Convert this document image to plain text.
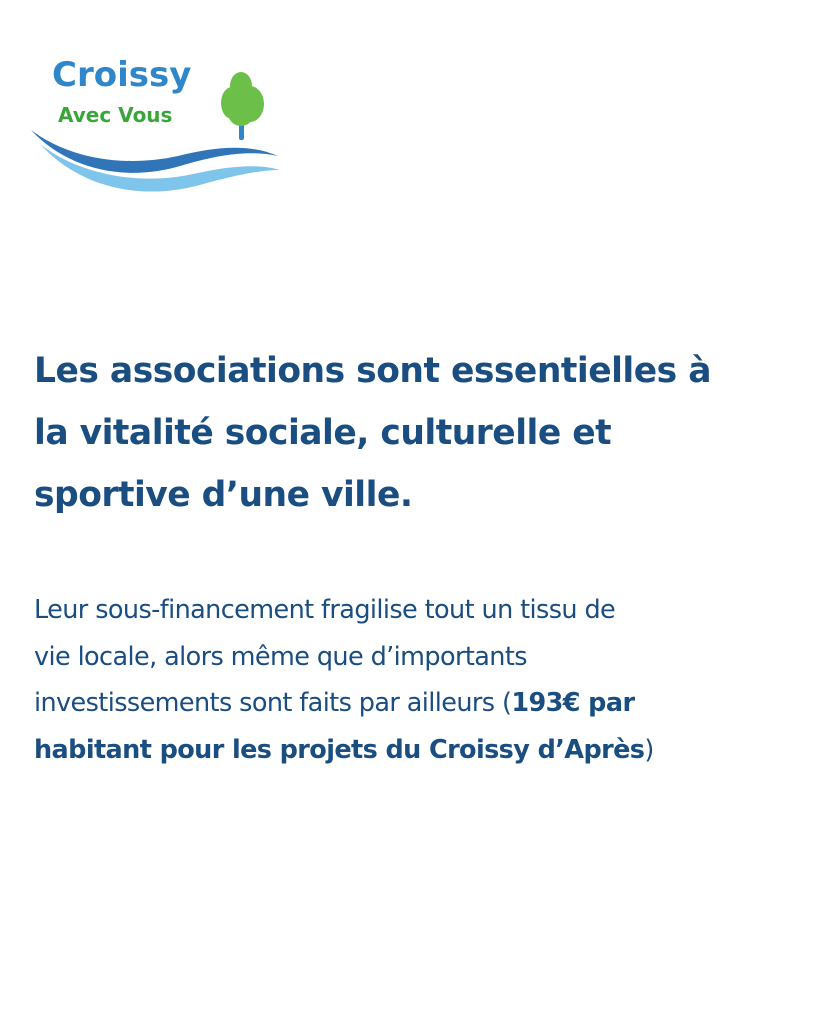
Croissy
Avec Vous
Les associations sont essentielles à
la vitalité sociale, culturelle et
sportive d’une ville.

Leur sous-financement fragilise tout un tissu de
vie locale, alors même que d’importants
investissements sont faits par ailleurs (193€ par
habitant pour les projets du Croissy d’Après)
